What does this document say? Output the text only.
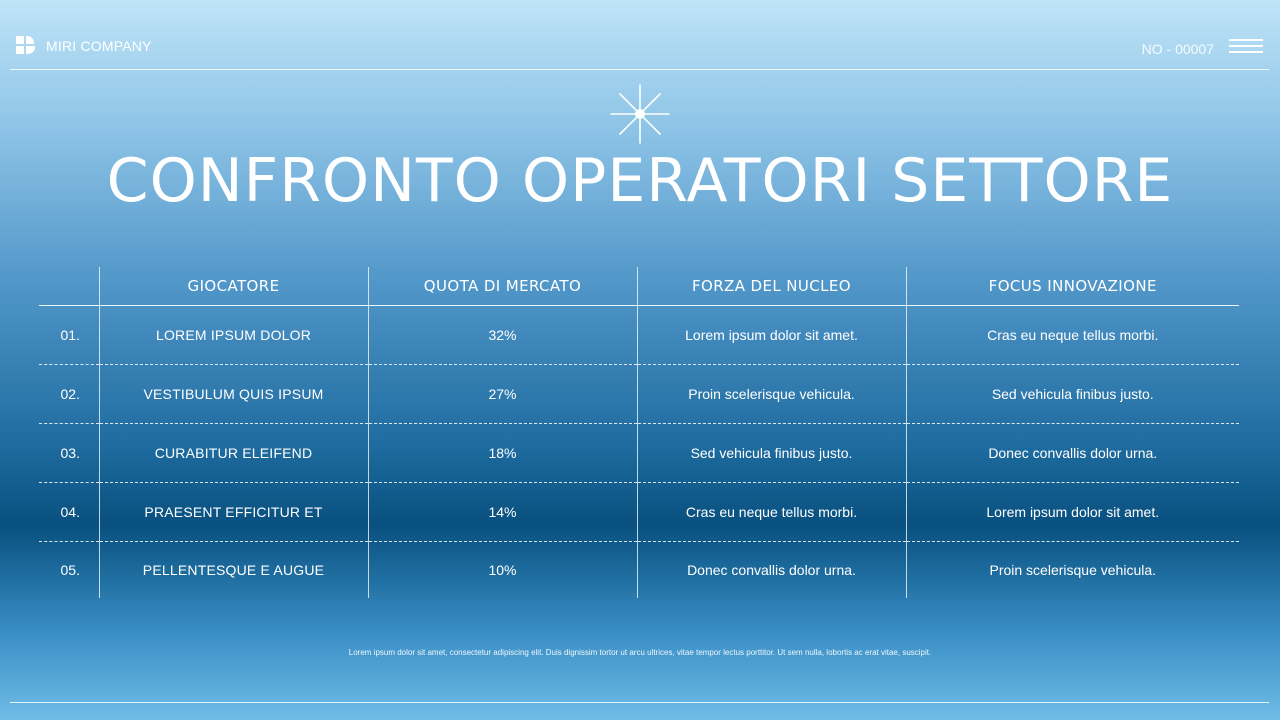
MIRI COMPANY	NO - 00007
CONFRONTO OPERATORI SETTORE
	GIOCATORE	QUOTA DI MERCATO	FORZA DEL NUCLEO	FOCUS INNOVAZIONE
01.	LOREM IPSUM DOLOR	32%	Lorem ipsum dolor sit amet.	Cras eu neque tellus morbi.
02.	VESTIBULUM QUIS IPSUM	27%	Proin scelerisque vehicula.	Sed vehicula finibus justo.
03.	CURABITUR ELEIFEND	18%	Sed vehicula finibus justo.	Donec convallis dolor urna.
04.	PRAESENT EFFICITUR ET	14%	Cras eu neque tellus morbi.	Lorem ipsum dolor sit amet.
05.	PELLENTESQUE E AUGUE	10%	Donec convallis dolor urna.	Proin scelerisque vehicula.
Lorem ipsum dolor sit amet, consectetur adipiscing elit. Duis dignissim tortor ut arcu ultrices, vitae tempor lectus porttitor. Ut sem nulla, lobortis ac erat vitae, suscipit.
